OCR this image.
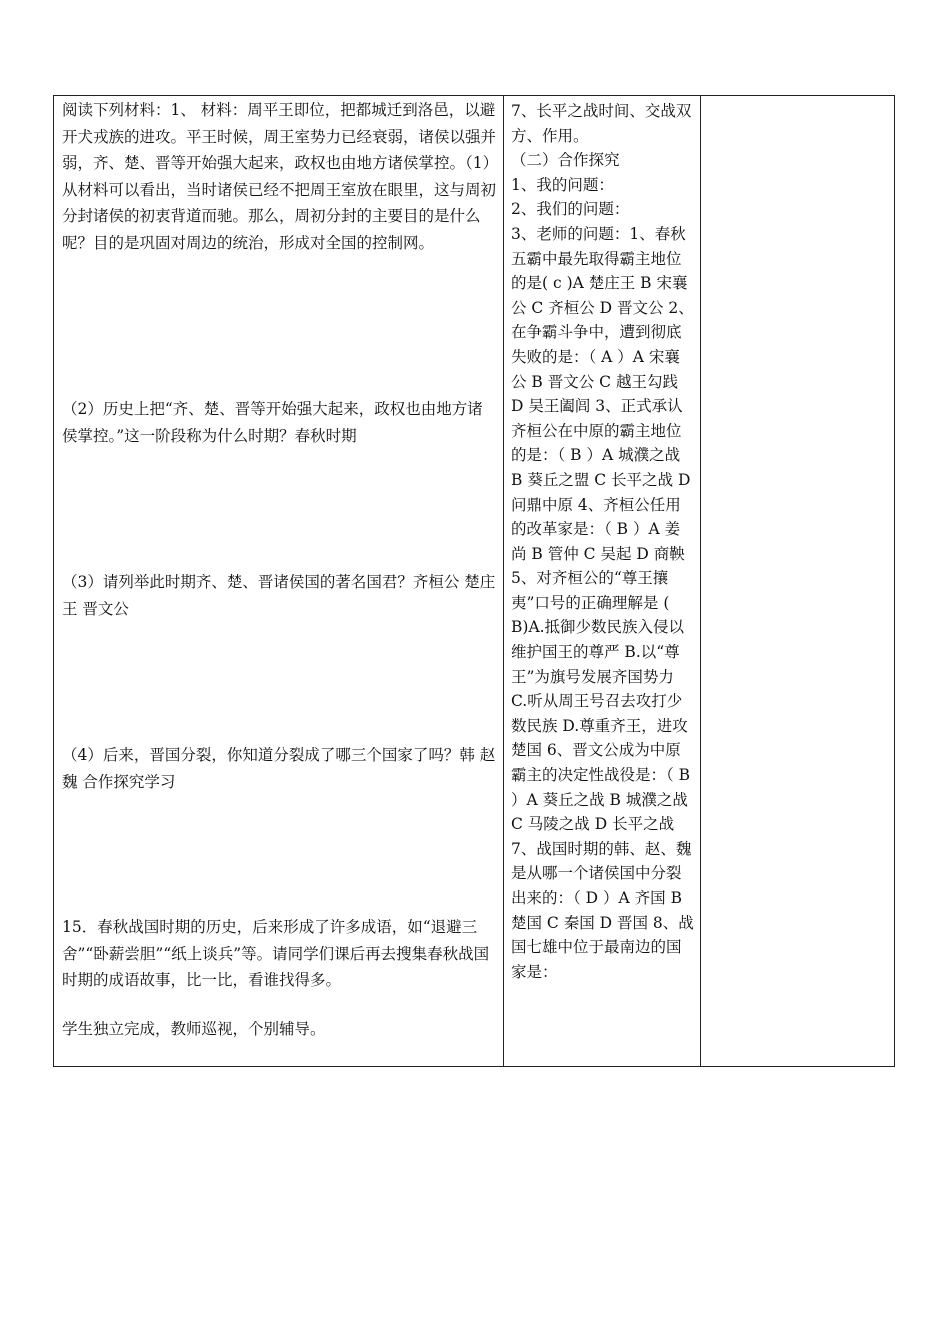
阅读下列材料：1、 材料：周平王即位，把都城迁到洛邑，以避开犬戎族的进攻。平王时候，周王室势力已经衰弱，诸侯以强并弱，齐、楚、晋等开始强大起来，政权也由地方诸侯掌控。（1）从材料可以看出，当时诸侯已经不把周王室放在眼里，这与周初分封诸侯的初衷背道而驰。那么，周初分封的主要目的是什么呢？目的是巩固对周边的统治，形成对全国的控制网。

（2）历史上把“齐、楚、晋等开始强大起来，政权也由地方诸侯掌控。”这一阶段称为什么时期？春秋时期

（3）请列举此时期齐、楚、晋诸侯国的著名国君？齐桓公 楚庄王 晋文公

（4）后来，晋国分裂，你知道分裂成了哪三个国家了吗？韩 赵 魏 合作探究学习

15．春秋战国时期的历史，后来形成了许多成语，如“退避三舍”“卧薪尝胆”“纸上谈兵”等。请同学们课后再去搜集春秋战国时期的成语故事，比一比，看谁找得多。

学生独立完成，教师巡视，个别辅导。

7、长平之战时间、交战双方、作用。

（二）合作探究

1、我的问题：

2、我们的问题：

3、老师的问题：1、春秋五霸中最先取得霸主地位的是( c )A 楚庄王 B 宋襄公 C 齐桓公 D 晋文公 2、在争霸斗争中，遭到彻底失败的是：（ A ）A 宋襄公 B 晋文公 C 越王勾践 D 吴王阖闾 3、正式承认齐桓公在中原的霸主地位的是：（ B ）A 城濮之战 B 葵丘之盟 C 长平之战 D 问鼎中原 4、齐桓公任用的改革家是：（ B ）A 姜尚 B 管仲 C 吴起 D 商鞅 5、对齐桓公的“尊王攘夷”口号的正确理解是 ( B)A.抵御少数民族入侵以维护国王的尊严 B.以“尊王”为旗号发展齐国势力 C.听从周王号召去攻打少数民族 D.尊重齐王，进攻楚国 6、晋文公成为中原霸主的决定性战役是：（ B ）A 葵丘之战 B 城濮之战 C 马陵之战 D 长平之战 7、战国时期的韩、赵、魏是从哪一个诸侯国中分裂出来的：（ D ）A 齐国 B 楚国 C 秦国 D 晋国 8、战国七雄中位于最南边的国家是：
